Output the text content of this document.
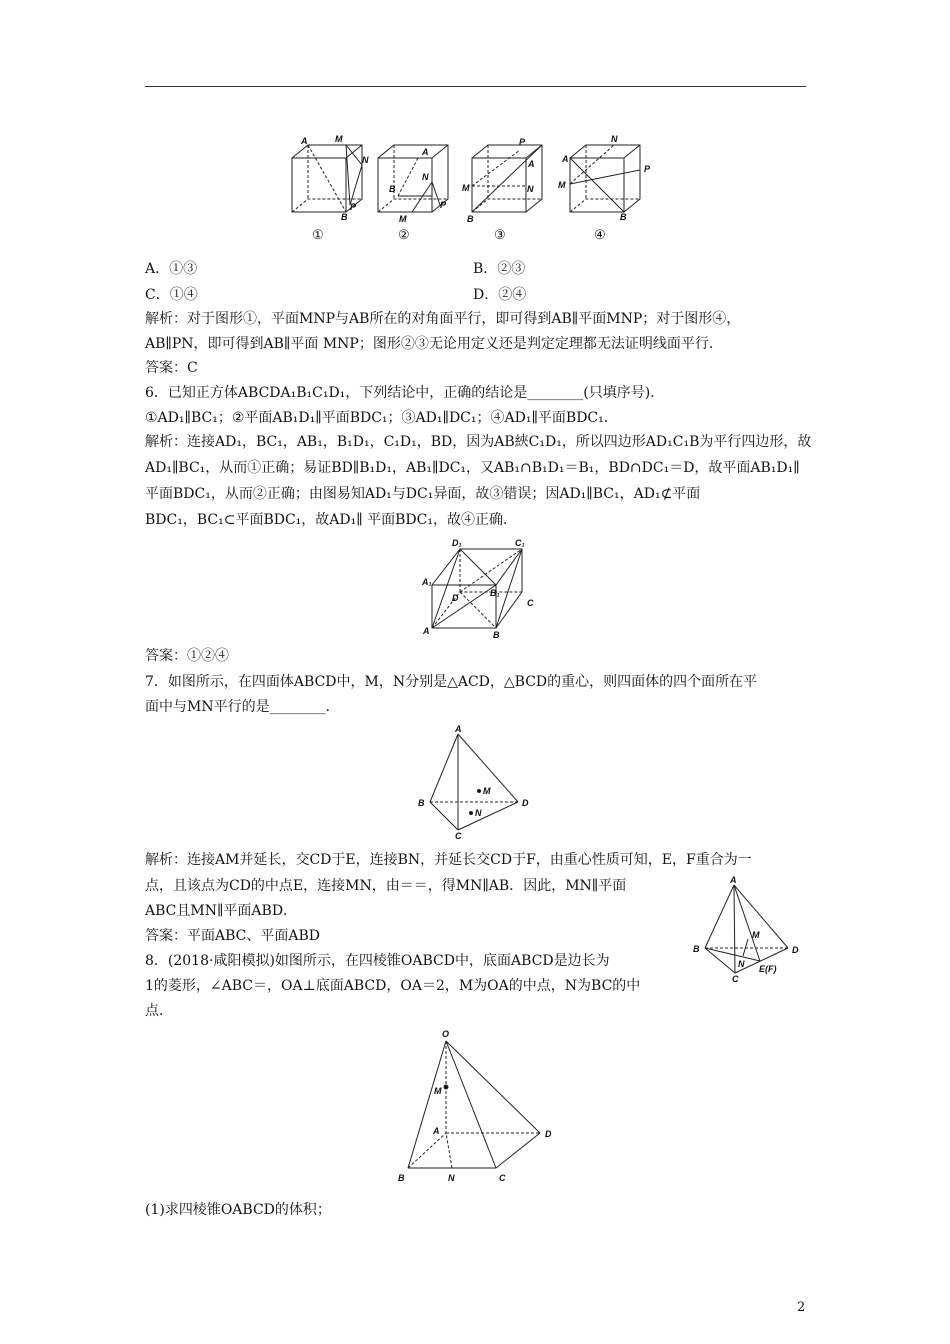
A	M
N
P
B
A
N
B
P
M
P
A
M	N
B
N
A
M
P
B
①	②	③	④
A．①③	B．②③
C．①④	D．②④
解析：对于图形①，平面MNP与AB所在的对角面平行，即可得到AB∥平面MNP；对于图形④，
AB∥PN，即可得到AB∥平面 MNP；图形②③无论用定义还是判定定理都无法证明线面平行．
答案：C
6．已知正方体ABCDA₁B₁C₁D₁，下列结论中，正确的结论是________(只填序号)．
①AD₁∥BC₁；②平面AB₁D₁∥平面BDC₁；③AD₁∥DC₁；④AD₁∥平面BDC₁．
解析：连接AD₁，BC₁，AB₁，B₁D₁，C₁D₁，BD，因为AB綊C₁D₁，所以四边形AD₁C₁B为平行四边形，故
AD₁∥BC₁，从而①正确；易证BD∥B₁D₁，AB₁∥DC₁，又AB₁∩B₁D₁＝B₁，BD∩DC₁＝D，故平面AB₁D₁∥
平面BDC₁，从而②正确；由图易知AD₁与DC₁异面，故③错误；因AD₁∥BC₁，AD₁⊄平面
BDC₁，BC₁⊂平面BDC₁，故AD₁∥ 平面BDC₁，故④正确．
D₁	C₁
A₁
B₁
D	C
A	B
答案：①②④
7．如图所示，在四面体ABCD中，M，N分别是△ACD，△BCD的重心，则四面体的四个面所在平
面中与MN平行的是________．
A
B	D
C
M
N
解析：连接AM并延长，交CD于E，连接BN，并延长交CD于F，由重心性质可知，E，F重合为一
点，且该点为CD的中点E，连接MN，由＝＝，得MN∥AB．因此，MN∥平面
ABC且MN∥平面ABD．
A
B	D
C
M
N E(F)
答案：平面ABC、平面ABD
8．(2018·咸阳模拟)如图所示，在四棱锥OABCD中，底面ABCD是边长为
1的菱形，∠ABC＝，OA⊥底面ABCD，OA＝2，M为OA的中点，N为BC的中
点．
O
M
A	D
B	N	C
(1)求四棱锥OABCD的体积；
2
